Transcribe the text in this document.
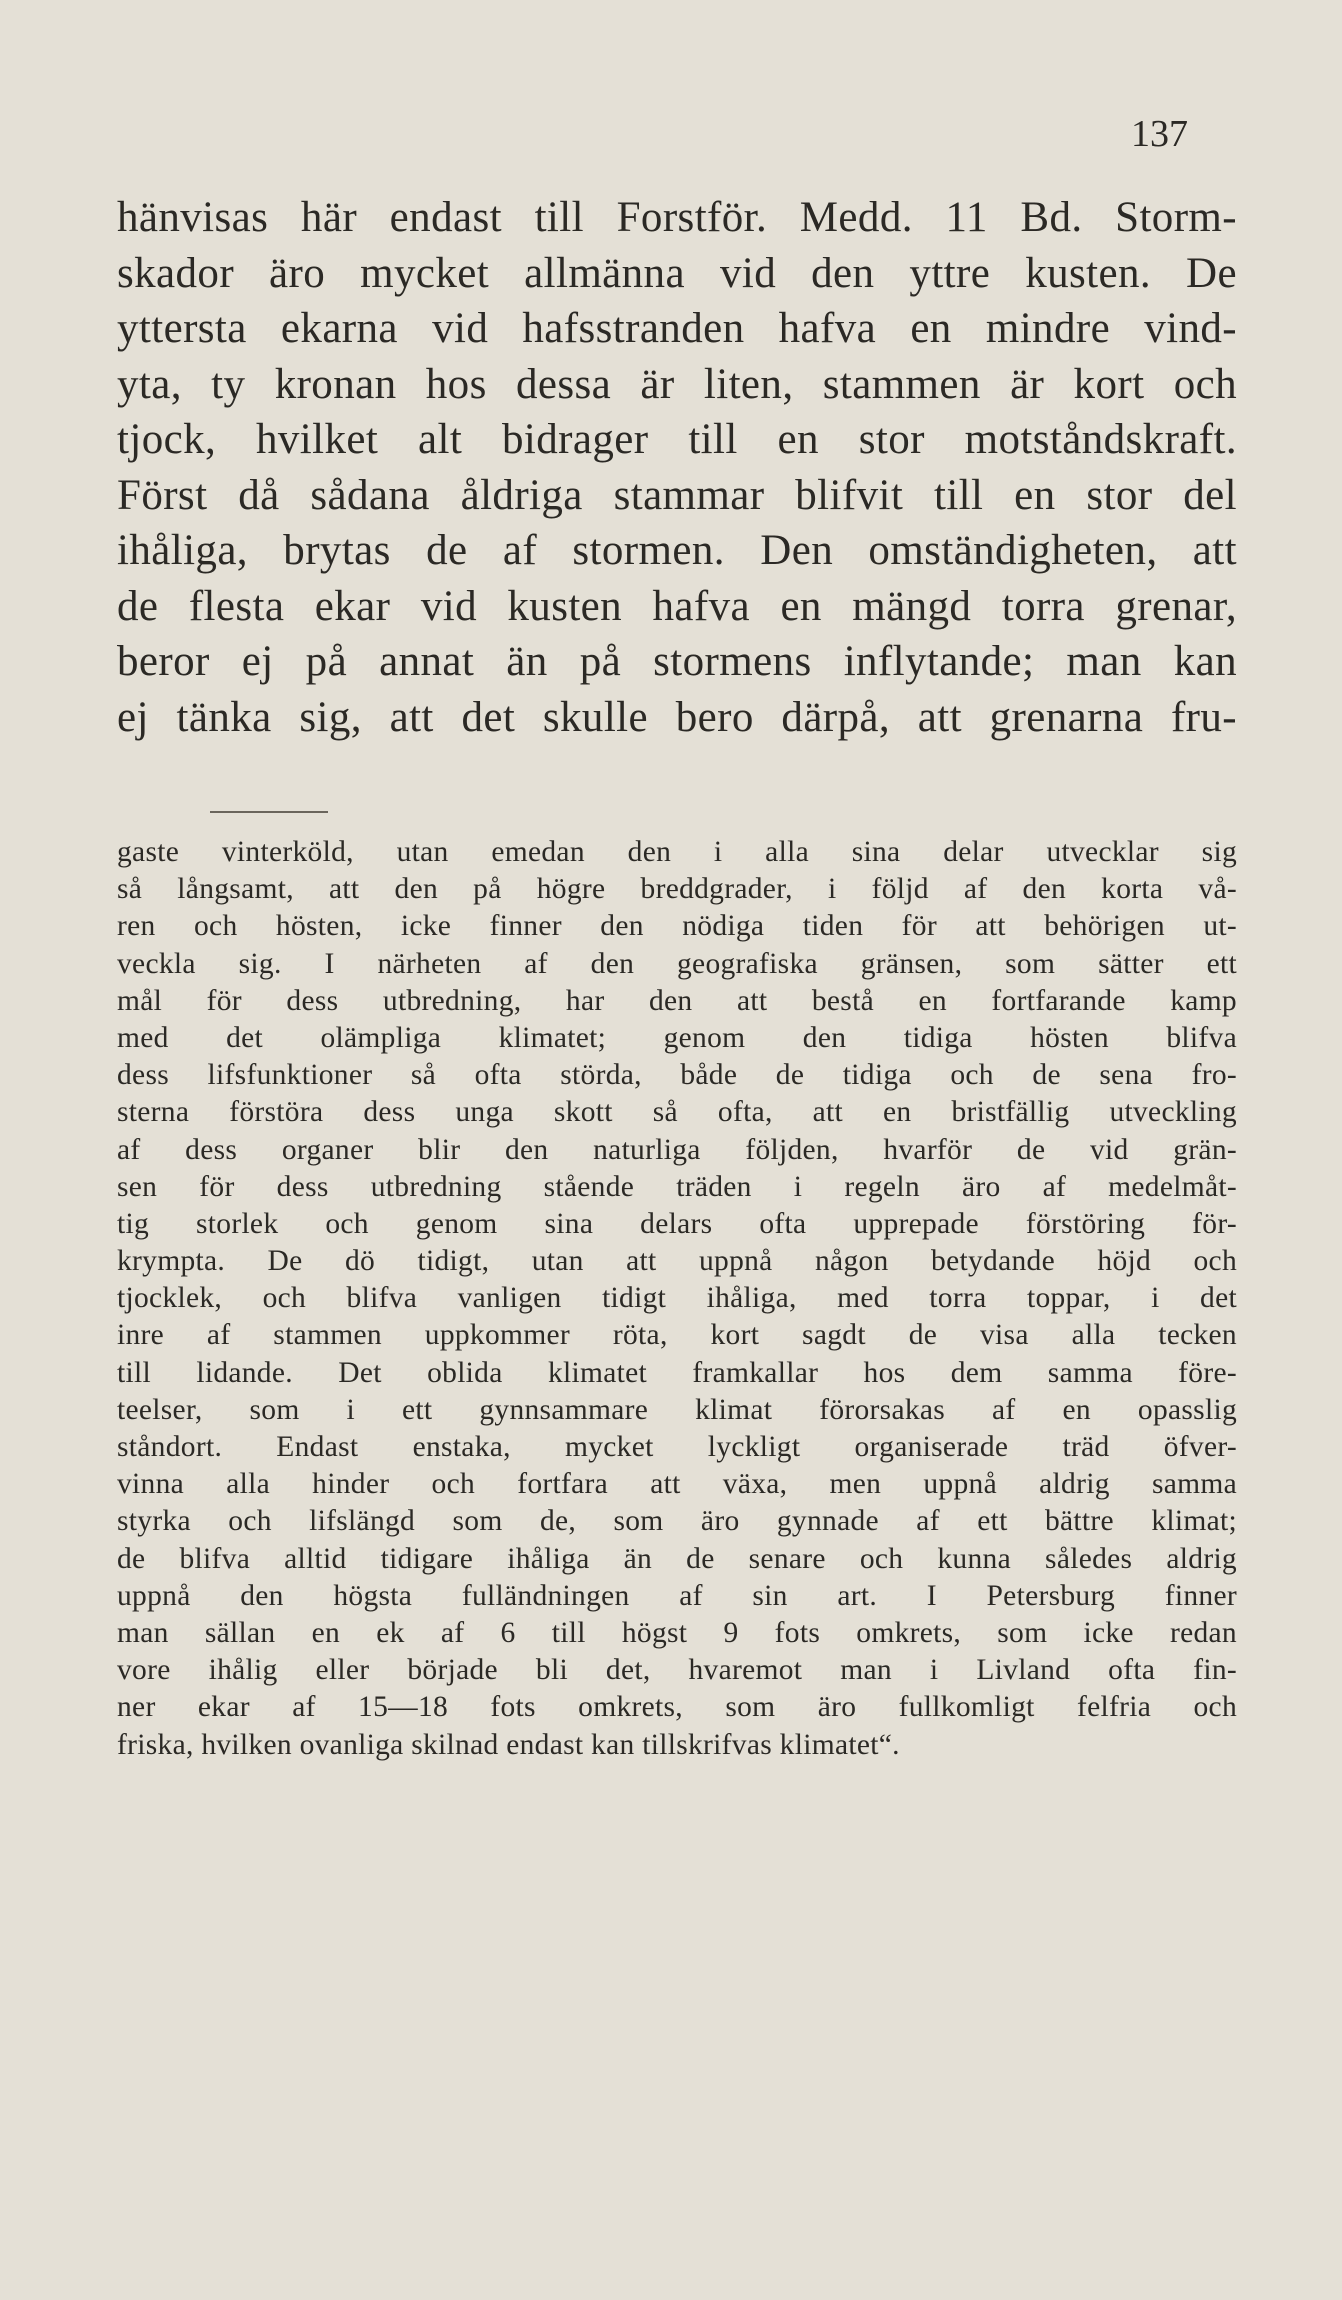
137
hänvisas här endast till Forstför. Medd. 11 Bd. Storm-
skador äro mycket allmänna vid den yttre kusten. De
yttersta ekarna vid hafsstranden hafva en mindre vind-
yta, ty kronan hos dessa är liten, stammen är kort och
tjock, hvilket alt bidrager till en stor motståndskraft.
Först då sådana åldriga stammar blifvit till en stor del
ihåliga, brytas de af stormen. Den omständigheten, att
de flesta ekar vid kusten hafva en mängd torra grenar,
beror ej på annat än på stormens inflytande; man kan
ej tänka sig, att det skulle bero därpå, att grenarna fru-
gaste vinterköld, utan emedan den i alla sina delar utvecklar sig
så långsamt, att den på högre breddgrader, i följd af den korta vå-
ren och hösten, icke finner den nödiga tiden för att behörigen ut-
veckla sig. I närheten af den geografiska gränsen, som sätter ett
mål för dess utbredning, har den att bestå en fortfarande kamp
med det olämpliga klimatet; genom den tidiga hösten blifva
dess lifsfunktioner så ofta störda, både de tidiga och de sena fro-
sterna förstöra dess unga skott så ofta, att en bristfällig utveckling
af dess organer blir den naturliga följden, hvarför de vid grän-
sen för dess utbredning stående träden i regeln äro af medelmåt-
tig storlek och genom sina delars ofta upprepade förstöring för-
krympta. De dö tidigt, utan att uppnå någon betydande höjd och
tjocklek, och blifva vanligen tidigt ihåliga, med torra toppar, i det
inre af stammen uppkommer röta, kort sagdt de visa alla tecken
till lidande. Det oblida klimatet framkallar hos dem samma före-
teelser, som i ett gynnsammare klimat förorsakas af en opasslig
ståndort. Endast enstaka, mycket lyckligt organiserade träd öfver-
vinna alla hinder och fortfara att växa, men uppnå aldrig samma
styrka och lifslängd som de, som äro gynnade af ett bättre klimat;
de blifva alltid tidigare ihåliga än de senare och kunna således aldrig
uppnå den högsta fulländningen af sin art. I Petersburg finner
man sällan en ek af 6 till högst 9 fots omkrets, som icke redan
vore ihålig eller började bli det, hvaremot man i Livland ofta fin-
ner ekar af 15—18 fots omkrets, som äro fullkomligt felfria och
friska, hvilken ovanliga skilnad endast kan tillskrifvas klimatet“.
